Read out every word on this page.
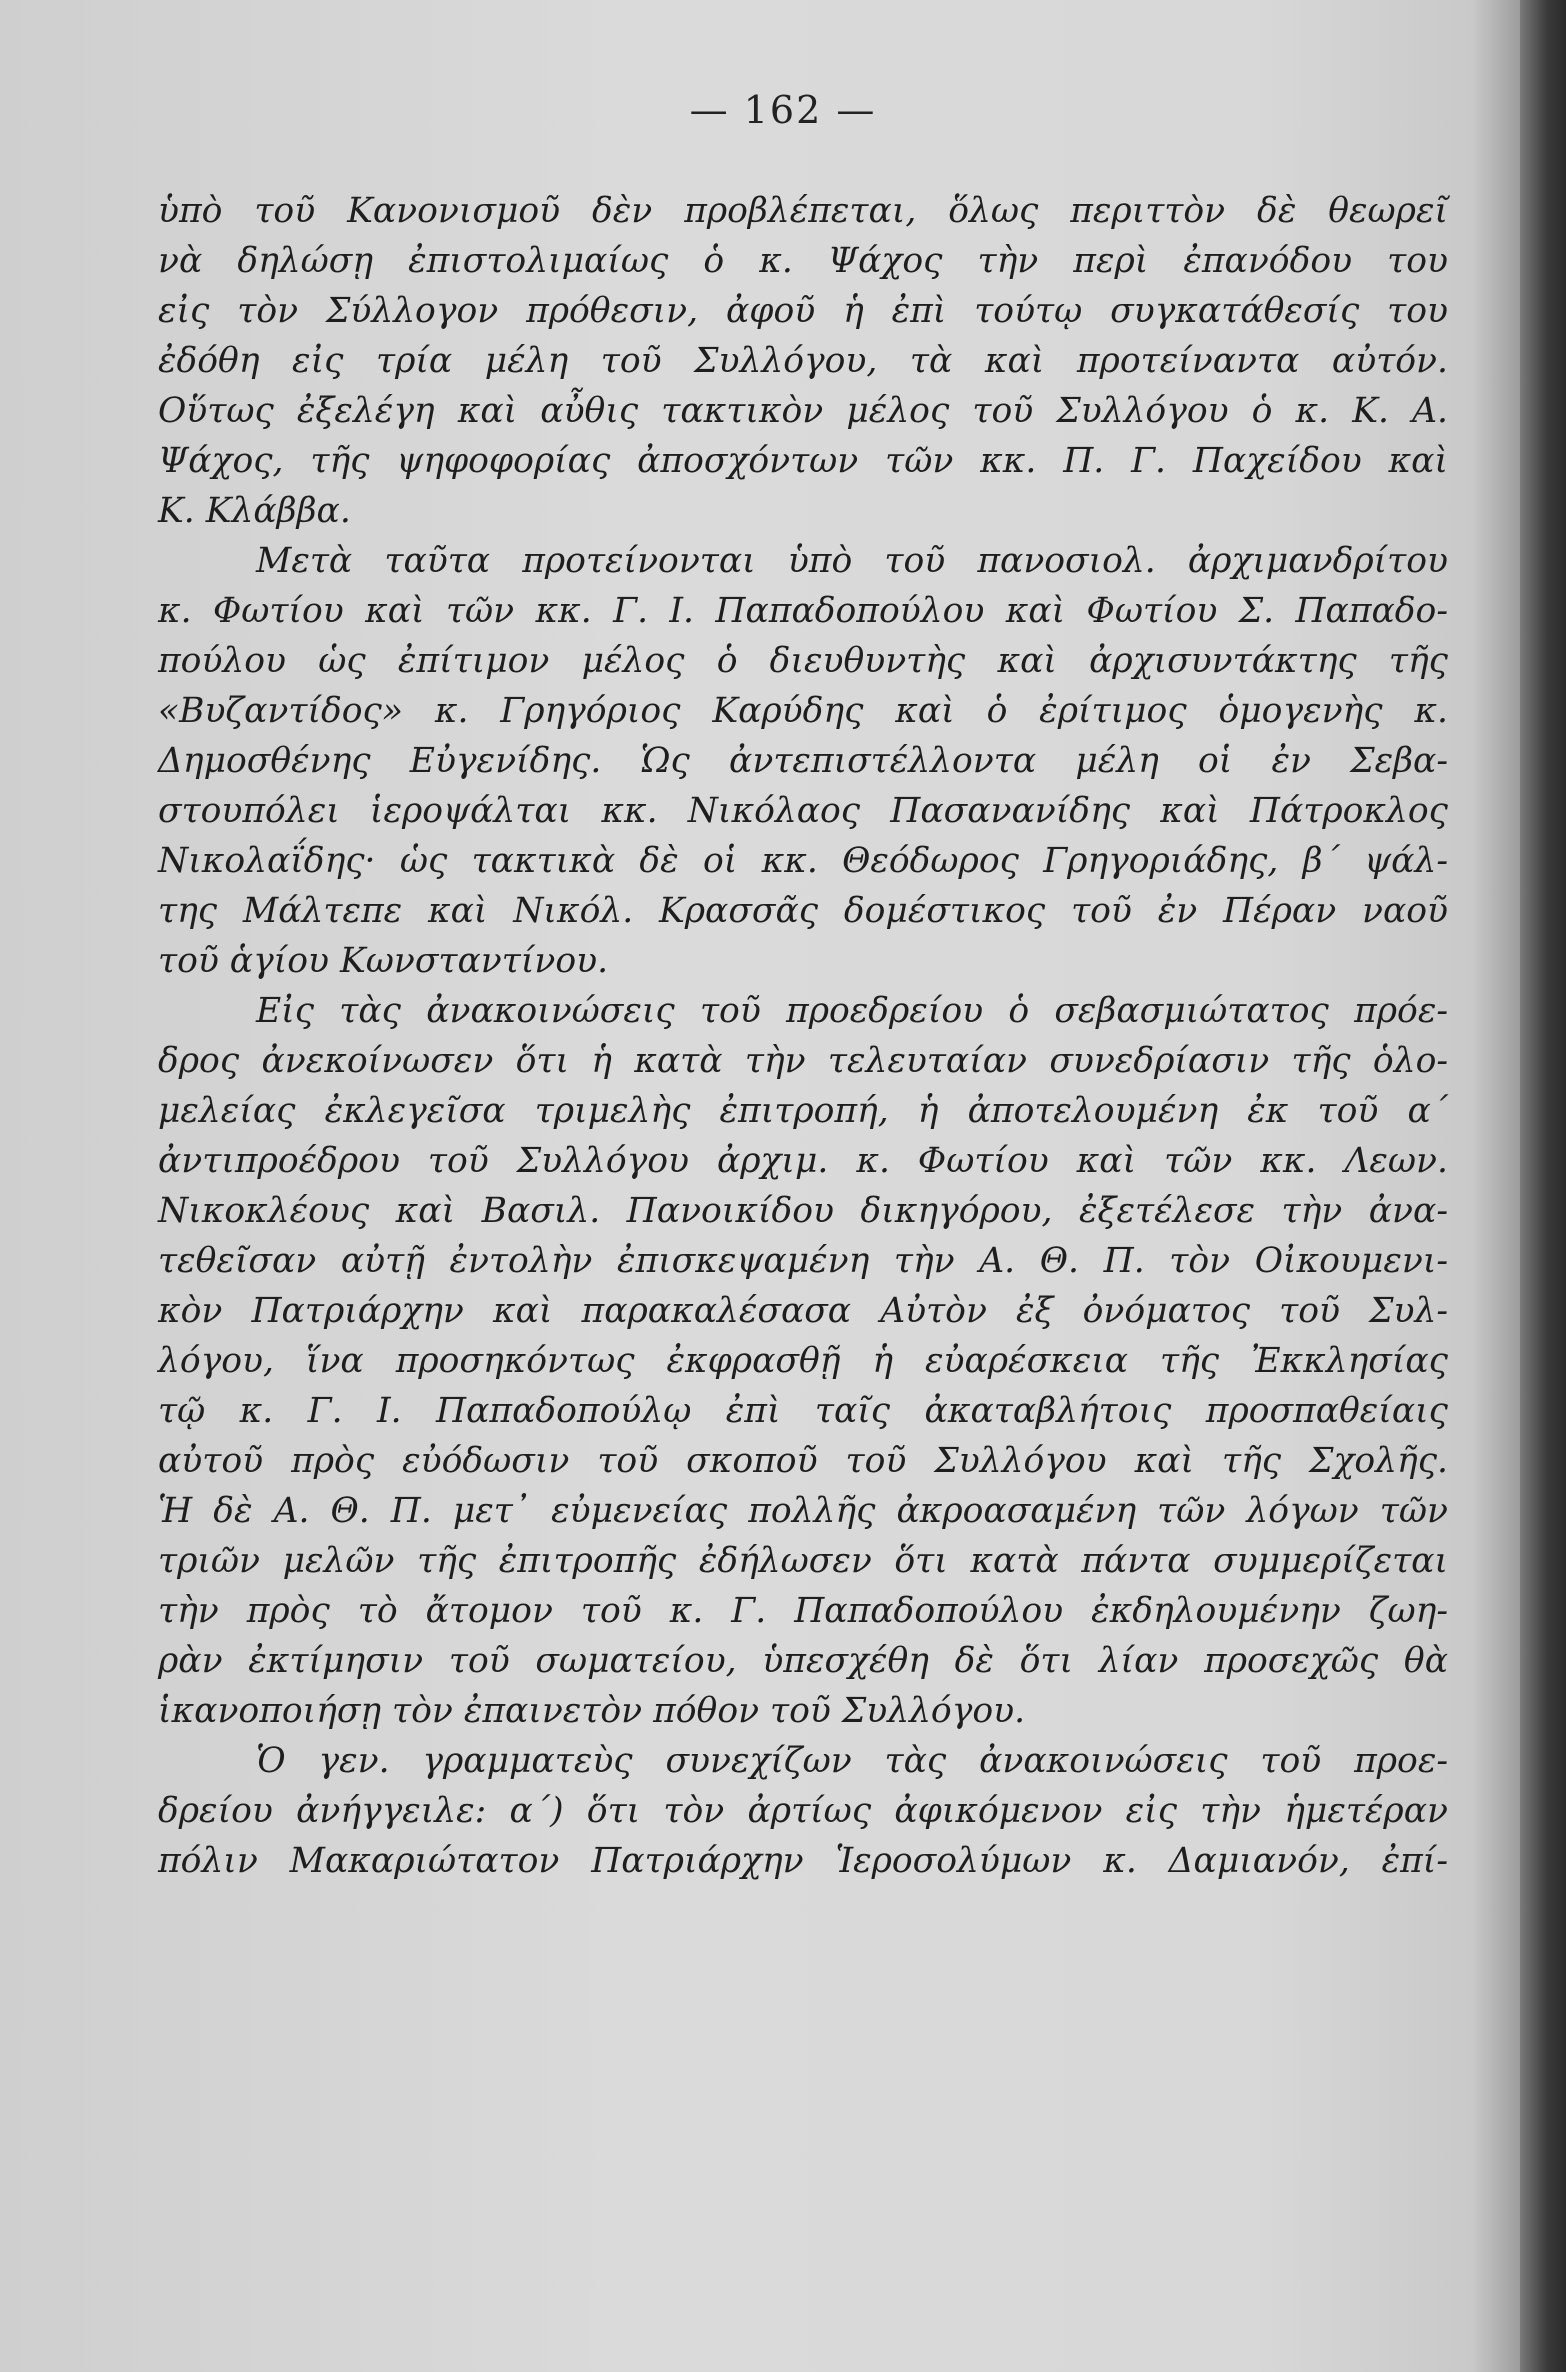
— 162 —
ὑπὸ τοῦ Κανονισμοῦ δὲν προβλέπεται, ὅλως περιττὸν δὲ θεωρεῖ
νὰ δηλώσῃ ἐπιστολιμαίως ὁ κ. Ψάχος τὴν περὶ ἐπανόδου του
εἰς τὸν Σύλλογον πρόθεσιν, ἀφοῦ ἡ ἐπὶ τούτῳ συγκατάθεσίς του
ἐδόθη εἰς τρία μέλη τοῦ Συλλόγου, τὰ καὶ προτείναντα αὐτόν.
Οὕτως ἐξελέγη καὶ αὖθις τακτικὸν μέλος τοῦ Συλλόγου ὁ κ. Κ. Α.
Ψάχος, τῆς ψηφοφορίας ἀποσχόντων τῶν κκ. Π. Γ. Παχείδου καὶ
Κ. Κλάββα.
Μετὰ ταῦτα προτείνονται ὑπὸ τοῦ πανοσιολ. ἀρχιμανδρίτου
κ. Φωτίου καὶ τῶν κκ. Γ. Ι. Παπαδοπούλου καὶ Φωτίου Σ. Παπαδο-
πούλου ὡς ἐπίτιμον μέλος ὁ διευθυντὴς καὶ ἀρχισυντάκτης τῆς
«Βυζαντίδος» κ. Γρηγόριος Καρύδης καὶ ὁ ἐρίτιμος ὁμογενὴς κ.
Δημοσθένης Εὐγενίδης. Ὡς ἀντεπιστέλλοντα μέλη οἱ ἐν Σεβα-
στουπόλει ἱεροψάλται κκ. Νικόλαος Πασανανίδης καὶ Πάτροκλος
Νικολαΐδης· ὡς τακτικὰ δὲ οἱ κκ. Θεόδωρος Γρηγοριάδης, β΄ ψάλ-
της Μάλτεπε καὶ Νικόλ. Κρασσᾶς δομέστικος τοῦ ἐν Πέραν ναοῦ
τοῦ ἁγίου Κωνσταντίνου.
Εἰς τὰς ἀνακοινώσεις τοῦ προεδρείου ὁ σεβασμιώτατος πρόε-
δρος ἀνεκοίνωσεν ὅτι ἡ κατὰ τὴν τελευταίαν συνεδρίασιν τῆς ὁλο-
μελείας ἐκλεγεῖσα τριμελὴς ἐπιτροπή, ἡ ἀποτελουμένη ἐκ τοῦ α΄
ἀντιπροέδρου τοῦ Συλλόγου ἀρχιμ. κ. Φωτίου καὶ τῶν κκ. Λεων.
Νικοκλέους καὶ Βασιλ. Πανοικίδου δικηγόρου, ἐξετέλεσε τὴν ἀνα-
τεθεῖσαν αὐτῇ ἐντολὴν ἐπισκεψαμένη τὴν Α. Θ. Π. τὸν Οἰκουμενι-
κὸν Πατριάρχην καὶ παρακαλέσασα Αὐτὸν ἐξ ὀνόματος τοῦ Συλ-
λόγου, ἵνα προσηκόντως ἐκφρασθῇ ἡ εὐαρέσκεια τῆς Ἐκκλησίας
τῷ κ. Γ. Ι. Παπαδοπούλῳ ἐπὶ ταῖς ἀκαταβλήτοις προσπαθείαις
αὐτοῦ πρὸς εὐόδωσιν τοῦ σκοποῦ τοῦ Συλλόγου καὶ τῆς Σχολῆς.
Ἡ δὲ Α. Θ. Π. μετ᾽ εὐμενείας πολλῆς ἀκροασαμένη τῶν λόγων τῶν
τριῶν μελῶν τῆς ἐπιτροπῆς ἐδήλωσεν ὅτι κατὰ πάντα συμμερίζεται
τὴν πρὸς τὸ ἄτομον τοῦ κ. Γ. Παπαδοπούλου ἐκδηλουμένην ζωη-
ρὰν ἐκτίμησιν τοῦ σωματείου, ὑπεσχέθη δὲ ὅτι λίαν προσεχῶς θὰ
ἱκανοποιήσῃ τὸν ἐπαινετὸν πόθον τοῦ Συλλόγου.
Ὁ γεν. γραμματεὺς συνεχίζων τὰς ἀνακοινώσεις τοῦ προε-
δρείου ἀνήγγειλε: α΄) ὅτι τὸν ἀρτίως ἀφικόμενον εἰς τὴν ἡμετέραν
πόλιν Μακαριώτατον Πατριάρχην Ἱεροσολύμων κ. Δαμιανόν, ἐπί-
